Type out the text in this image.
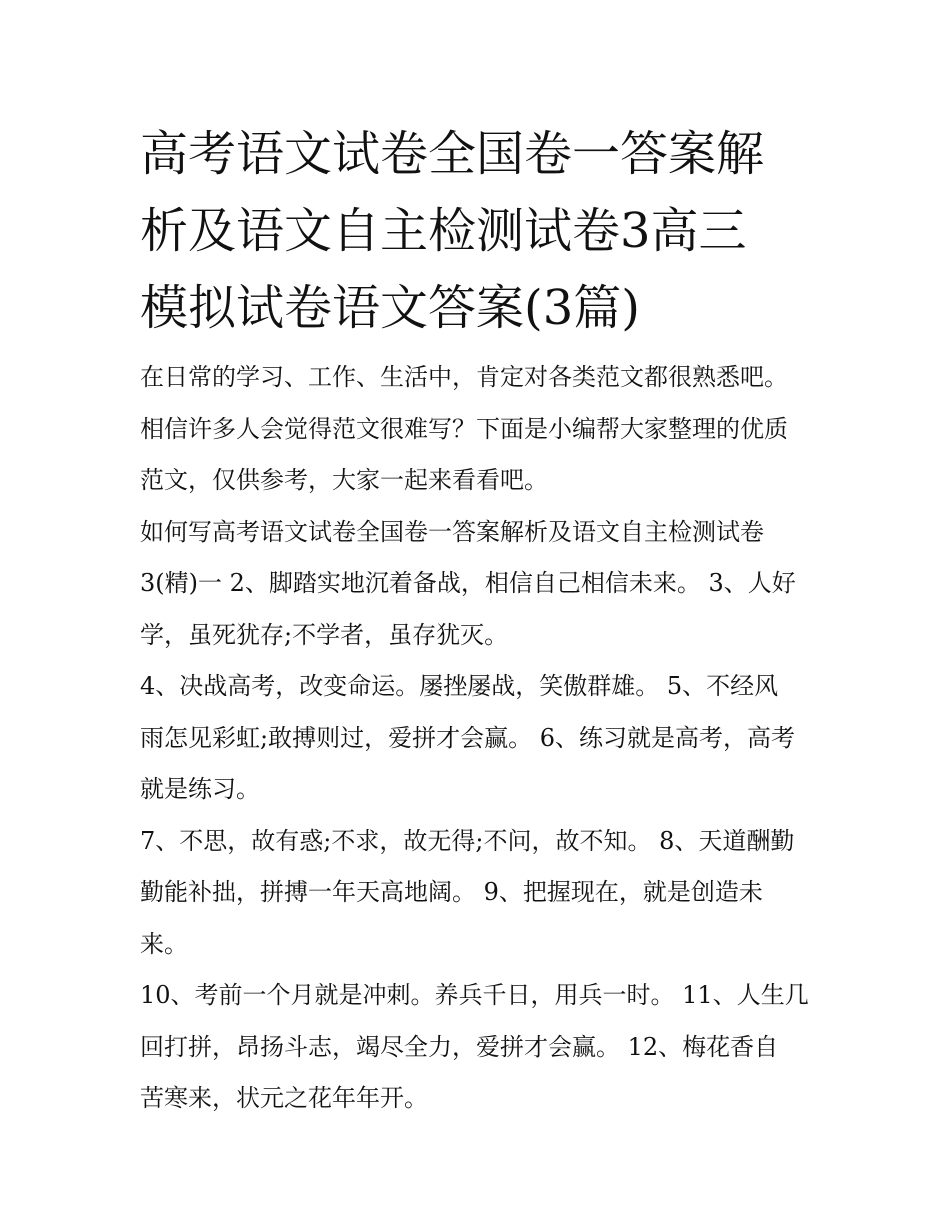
高考语文试卷全国卷一答案解
析及语文自主检测试卷3高三
模拟试卷语文答案(3篇)

在日常的学习、工作、生活中，肯定对各类范文都很熟悉吧。
相信许多人会觉得范文很难写？下面是小编帮大家整理的优质
范文，仅供参考，大家一起来看看吧。

如何写高考语文试卷全国卷一答案解析及语文自主检测试卷
3(精)一 2、脚踏实地沉着备战，相信自己相信未来。 3、人好
学，虽死犹存;不学者，虽存犹灭。

4、决战高考，改变命运。屡挫屡战，笑傲群雄。 5、不经风
雨怎见彩虹;敢搏则过，爱拼才会赢。 6、练习就是高考，高考
就是练习。

7、不思，故有惑;不求，故无得;不问，故不知。 8、天道酬勤
勤能补拙，拼搏一年天高地阔。 9、把握现在，就是创造未
来。

10、考前一个月就是冲刺。养兵千日，用兵一时。 11、人生几
回打拼，昂扬斗志，竭尽全力，爱拼才会赢。 12、梅花香自
苦寒来，状元之花年年开。
